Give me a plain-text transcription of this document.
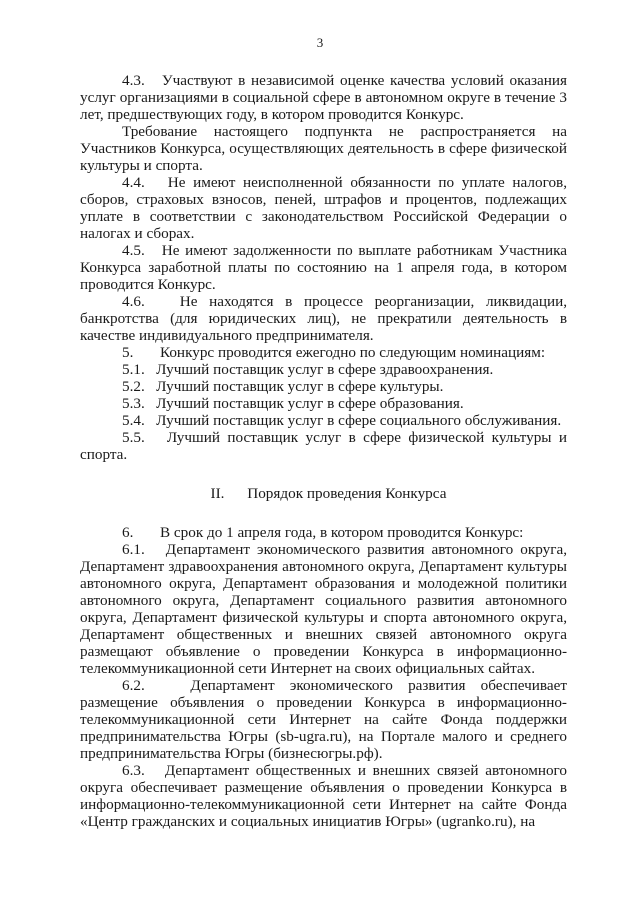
3

4.3.   Участвуют в независимой оценке качества условий оказания услуг организациями в социальной сфере в автономном округе в течение 3 лет, предшествующих году, в котором проводится Конкурс.

Требование настоящего подпункта не распространяется на Участников Конкурса, осуществляющих деятельность в сфере физической культуры и спорта.

4.4.   Не имеют неисполненной обязанности по уплате налогов, сборов, страховых взносов, пеней, штрафов и процентов, подлежащих уплате в соответствии с законодательством Российской Федерации о налогах и сборах.

4.5.   Не имеют задолженности по выплате работникам Участника Конкурса заработной платы по состоянию на 1 апреля года, в котором проводится Конкурс.

4.6.   Не находятся в процессе реорганизации, ликвидации, банкротства (для юридических лиц), не прекратили деятельность в качестве индивидуального предпринимателя.

5.       Конкурс проводится ежегодно по следующим номинациям:

5.1.   Лучший поставщик услуг в сфере здравоохранения.

5.2.   Лучший поставщик услуг в сфере культуры.

5.3.   Лучший поставщик услуг в сфере образования.

5.4.   Лучший поставщик услуг в сфере социального обслуживания.

5.5.   Лучший поставщик услуг в сфере физической культуры и спорта.

II.      Порядок проведения Конкурса

6.       В срок до 1 апреля года, в котором проводится Конкурс:

6.1.   Департамент экономического развития автономного округа, Департамент здравоохранения автономного округа, Департамент культуры автономного округа, Департамент образования и молодежной политики автономного округа, Департамент социального развития автономного округа, Департамент физической культуры и спорта автономного округа, Департамент общественных и внешних связей автономного округа размещают объявление о проведении Конкурса в информационно-телекоммуникационной сети Интернет на своих официальных сайтах.

6.2.   Департамент экономического развития обеспечивает размещение объявления о проведении Конкурса в информационно-телекоммуникационной сети Интернет на сайте Фонда поддержки предпринимательства Югры (sb-ugra.ru), на Портале малого и среднего предпринимательства Югры (бизнесюгры.рф).

6.3.   Департамент общественных и внешних связей автономного округа обеспечивает размещение объявления о проведении Конкурса в информационно-телекоммуникационной сети Интернет на сайте Фонда «Центр гражданских и социальных инициатив Югры» (ugranko.ru), на
